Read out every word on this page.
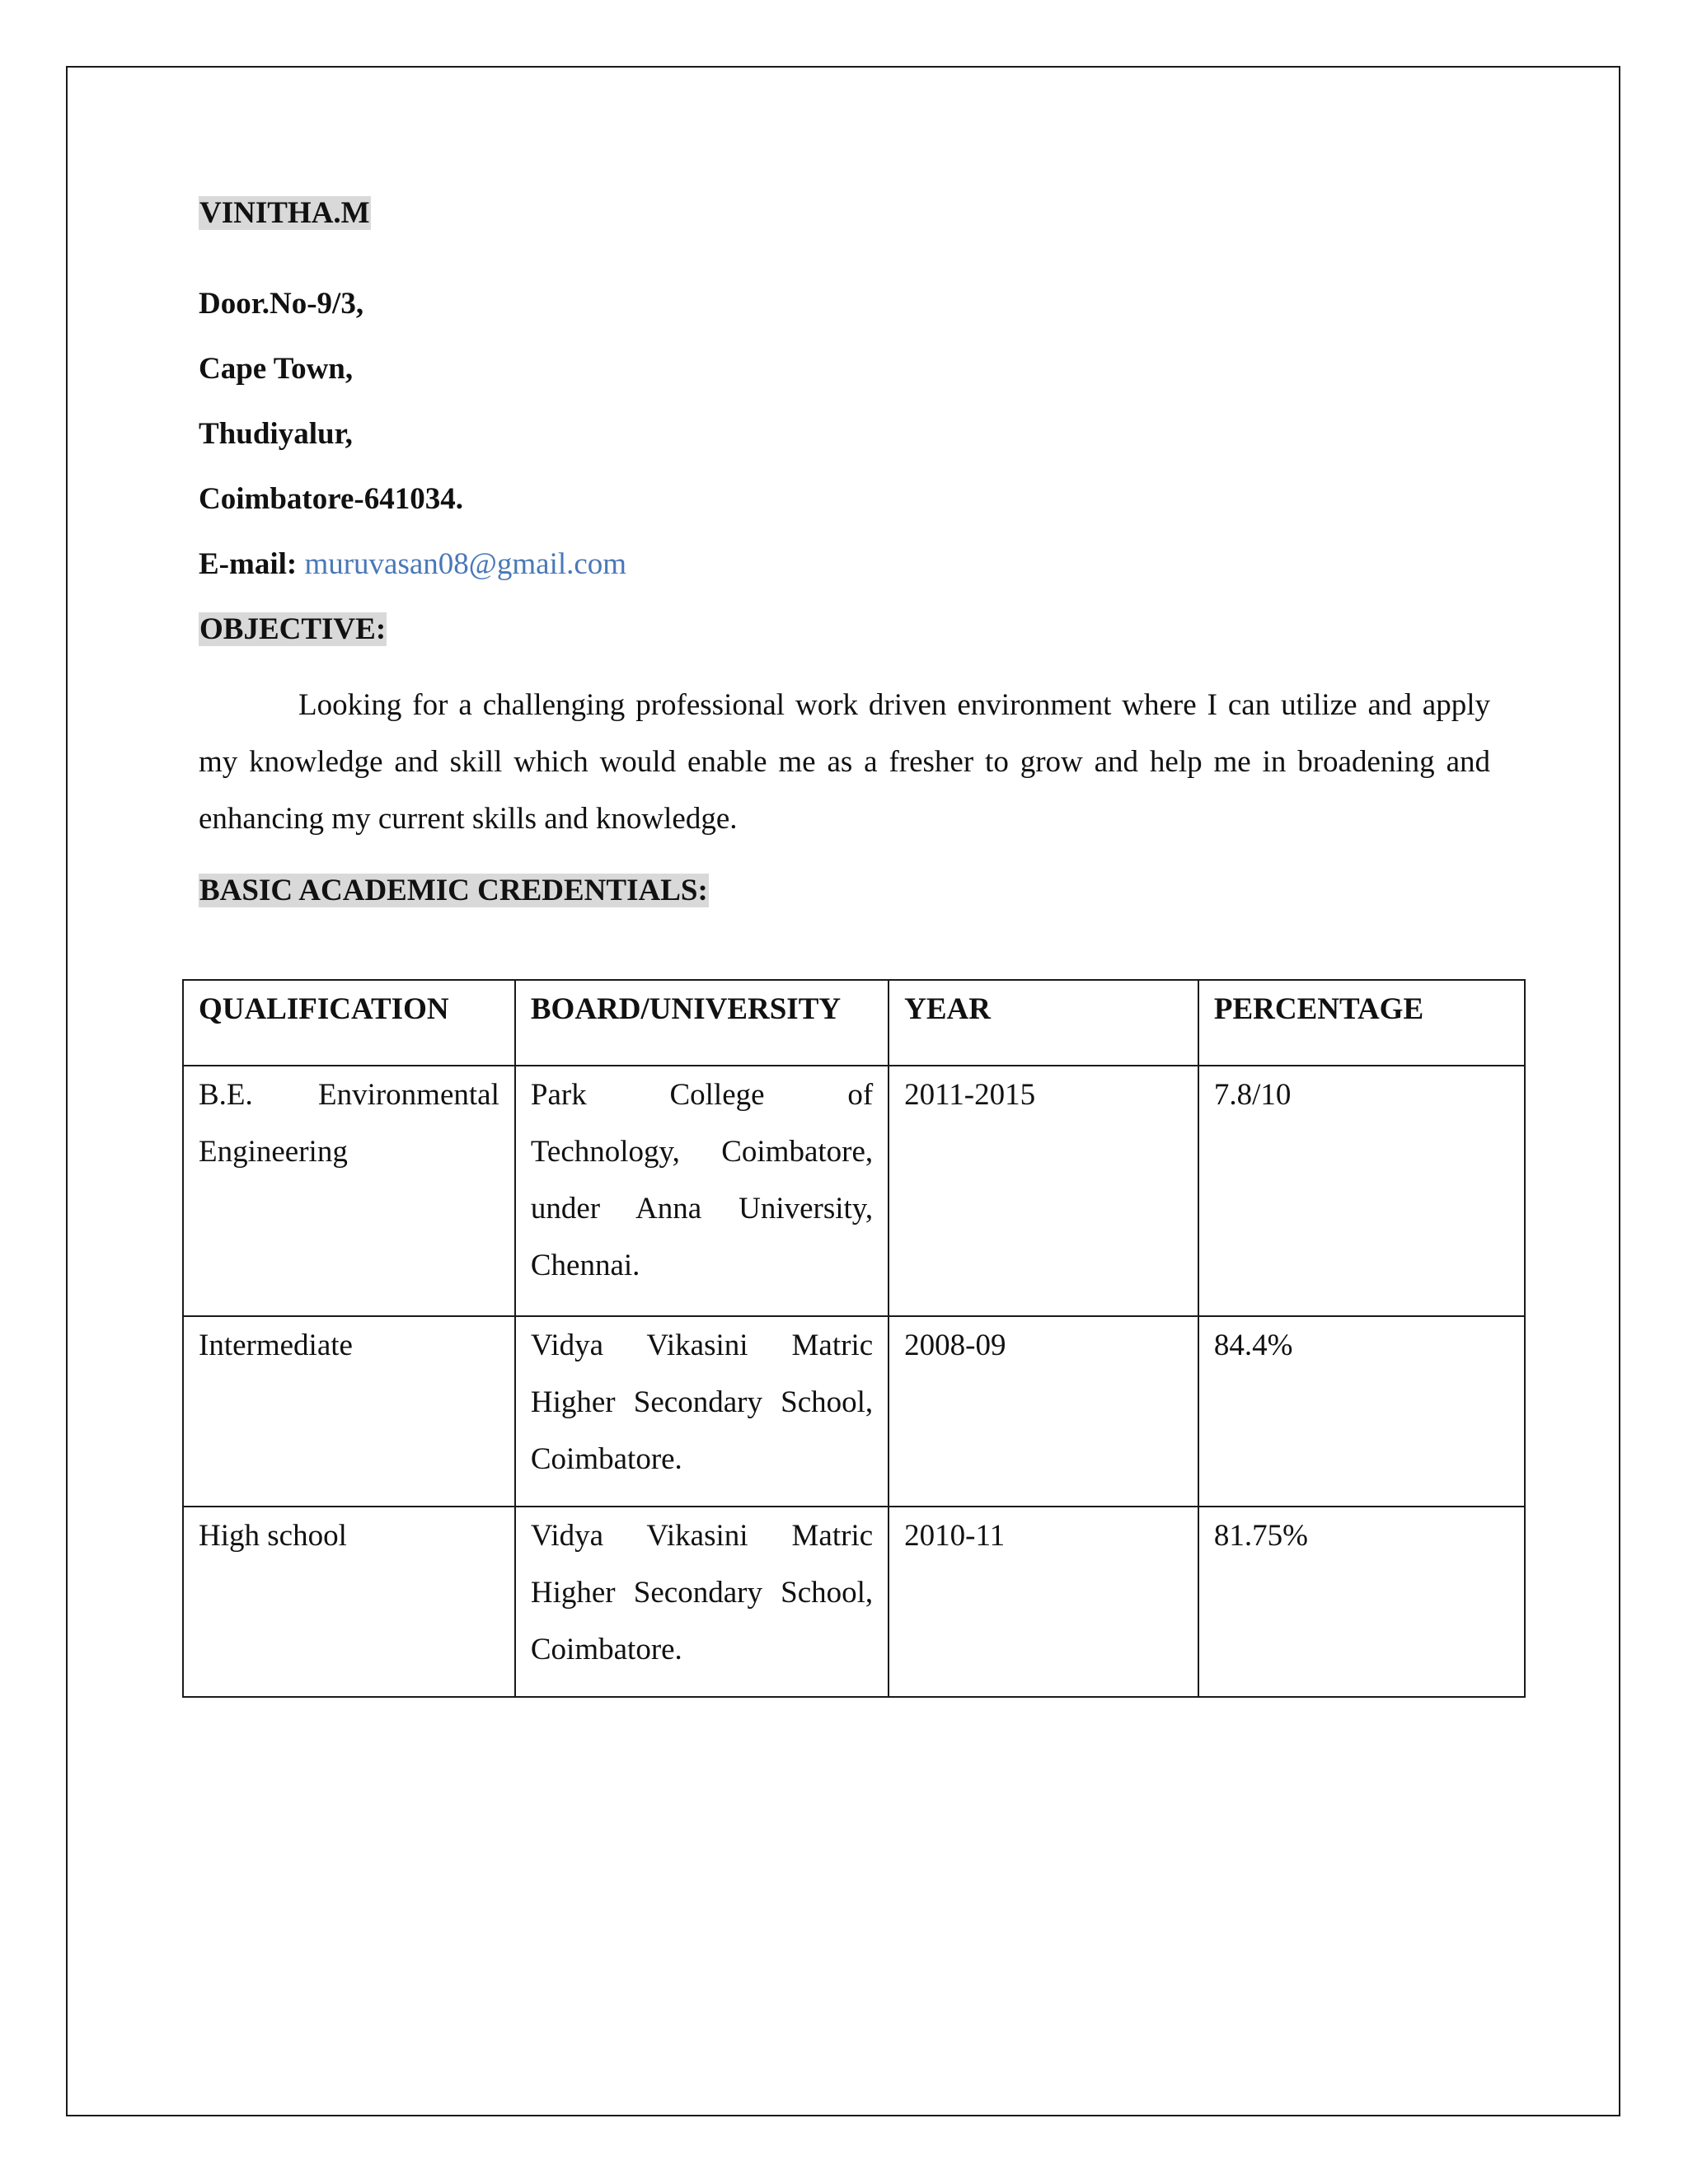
VINITHA.M

Door.No-9/3,

Cape Town,

Thudiyalur,

Coimbatore-641034.

E-mail: muruvasan08@gmail.com

OBJECTIVE:

Looking for a challenging professional work driven environment where I can utilize and apply my knowledge and skill which would enable me as a fresher to grow and help me in broadening and enhancing my current skills and knowledge.

BASIC ACADEMIC CREDENTIALS:

QUALIFICATION	BOARD/UNIVERSITY	YEAR	PERCENTAGE
B.E. Environmental Engineering	Park College of Technology, Coimbatore, under Anna University, Chennai.	2011-2015	7.8/10
Intermediate	Vidya Vikasini Matric Higher Secondary School, Coimbatore.	2008-09	84.4%
High school	Vidya Vikasini Matric Higher Secondary School, Coimbatore.	2010-11	81.75%
